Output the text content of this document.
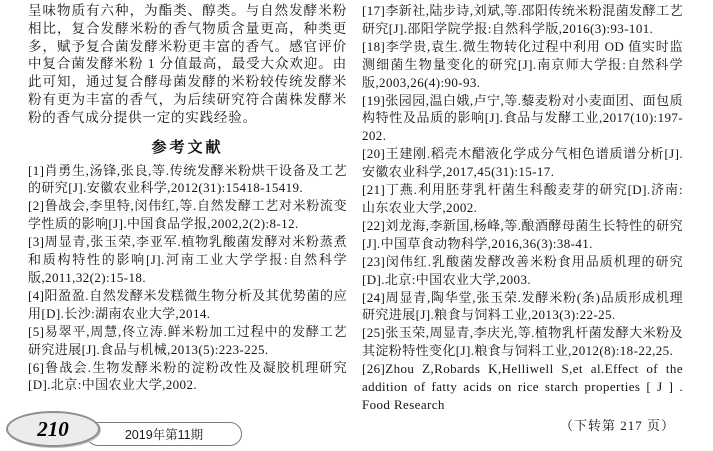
呈味物质有六种，为酯类、醇类。与自然发酵米粉相比，复合发酵米粉的香气物质含量更高，种类更多，赋予复合菌发酵米粉更丰富的香气。感官评价中复合菌发酵米粉 1 分值最高，最受大众欢迎。由此可知，通过复合酵母菌发酵的米粉较传统发酵米粉有更为丰富的香气，为后续研究符合菌株发酵米粉的香气成分提供一定的实践经验。

参考文献
[1]肖勇生,汤锋,张良,等.传统发酵米粉烘干设备及工艺的研究[J].安徽农业科学,2012(31):15418-15419.
[2]鲁战会,李里特,闵伟红,等.自然发酵工艺对米粉流变学性质的影响[J].中国食品学报,2002,2(2):8-12.
[3]周显青,张玉荣,李亚军.植物乳酸菌发酵对米粉蒸煮和质构特性的影响[J].河南工业大学学报:自然科学版,2011,32(2):15-18.
[4]阳盈盈.自然发酵米发糕微生物分析及其优势菌的应用[D].长沙:湖南农业大学,2014.
[5]易翠平,周慧,佟立涛.鲜米粉加工过程中的发酵工艺研究进展[J].食品与机械,2013(5):223-225.
[6]鲁战会.生物发酵米粉的淀粉改性及凝胶机理研究[D].北京:中国农业大学,2002.
[17]李新社,陆步诗,刘斌,等.邵阳传统米粉混菌发酵工艺研究[J].邵阳学院学报:自然科学版,2016(3):93-101.
[18]李学贵,袁生.微生物转化过程中利用 OD 值实时监测细菌生物量变化的研究[J].南京师大学报:自然科学版,2003,26(4):90-93.
[19]张园园,温白娥,卢宁,等.藜麦粉对小麦面团、面包质构特性及品质的影响[J].食品与发酵工业,2017(10):197-202.
[20]王建刚.稻壳木醋液化学成分气相色谱质谱分析[J].安徽农业科学,2017,45(31):15-17.
[21]丁燕.利用胚芽乳杆菌生科酸麦芽的研究[D].济南:山东农业大学,2002.
[22]刘龙海,李新国,杨峰,等.酿酒酵母菌生长特性的研究[J].中国草食动物科学,2016,36(3):38-41.
[23]闵伟红.乳酸菌发酵改善米粉食用品质机理的研究[D].北京:中国农业大学,2003.
[24]周显青,陶华堂,张玉荣.发酵米粉(条)品质形成机理研究进展[J].粮食与饲料工业,2013(3):22-25.
[25]张玉荣,周显青,李庆光,等.植物乳杆菌发酵大米粉及其淀粉特性变化[J].粮食与饲料工业,2012(8):18-22,25.
[26]Zhou Z,Robards K,Helliwell S,et al.Effect of the addition of fatty acids on rice starch properties [ J ] . Food Research
（下转第 217 页）
210	2019年第11期
